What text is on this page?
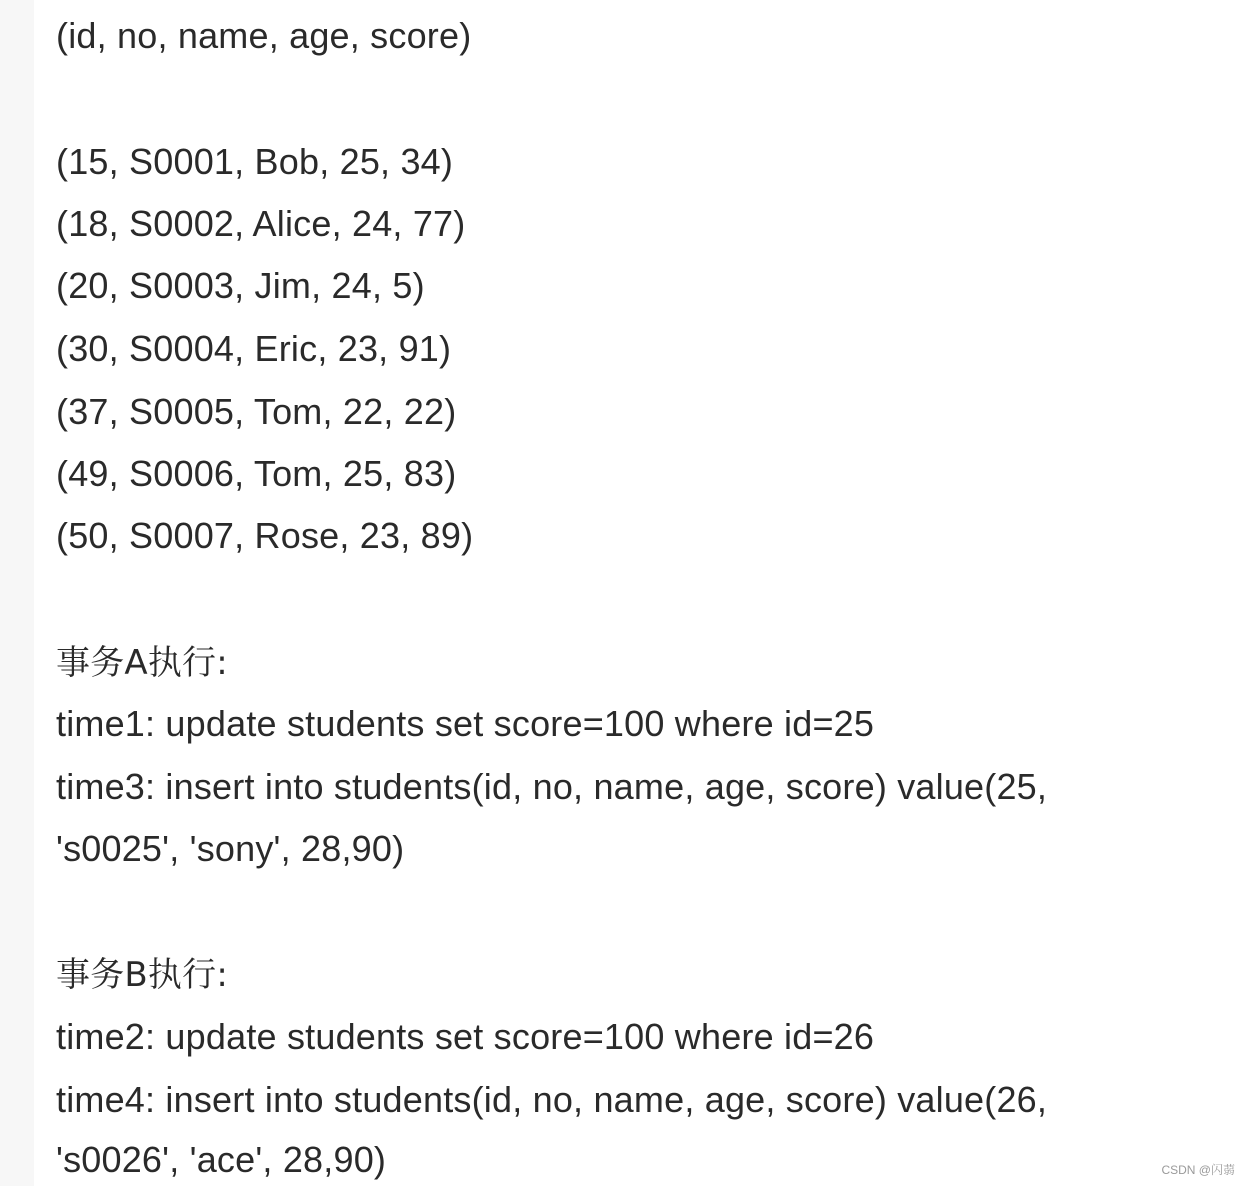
(id, no, name, age, score)
(15, S0001, Bob, 25, 34)
(18, S0002, Alice, 24, 77)
(20, S0003, Jim, 24, 5)
(30, S0004, Eric, 23, 91)
(37, S0005, Tom, 22, 22)
(49, S0006, Tom, 25, 83)
(50, S0007, Rose, 23, 89)
事务A执行:
time1: update students set score=100 where id=25
time3: insert into students(id, no, name, age, score) value(25,
's0025', 'sony', 28,90)
事务B执行:
time2: update students set score=100 where id=26
time4: insert into students(id, no, name, age, score) value(26,
's0026', 'ace', 28,90)	CSDN @闪蒻
